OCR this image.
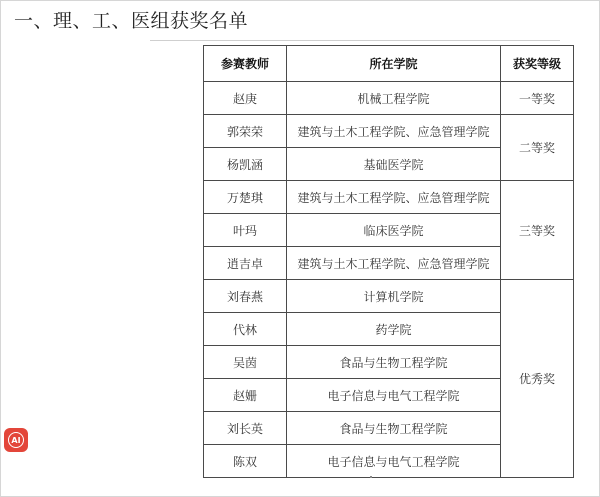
一、理、工、医组获奖名单
参赛教师	所在学院	获奖等级
赵庚	机械工程学院	一等奖
郭荣荣	建筑与土木工程学院、应急管理学院	二等奖
杨凯涵	基础医学院	
万楚琪	建筑与土木工程学院、应急管理学院	三等奖
叶玛	临床医学院	
逍吉卓	建筑与土木工程学院、应急管理学院	
刘春燕	计算机学院	优秀奖
代林	药学院	
吴茵	食品与生物工程学院	
赵姗	电子信息与电气工程学院	
刘长英	食品与生物工程学院	
陈双	电子信息与电气工程学院	
AI
